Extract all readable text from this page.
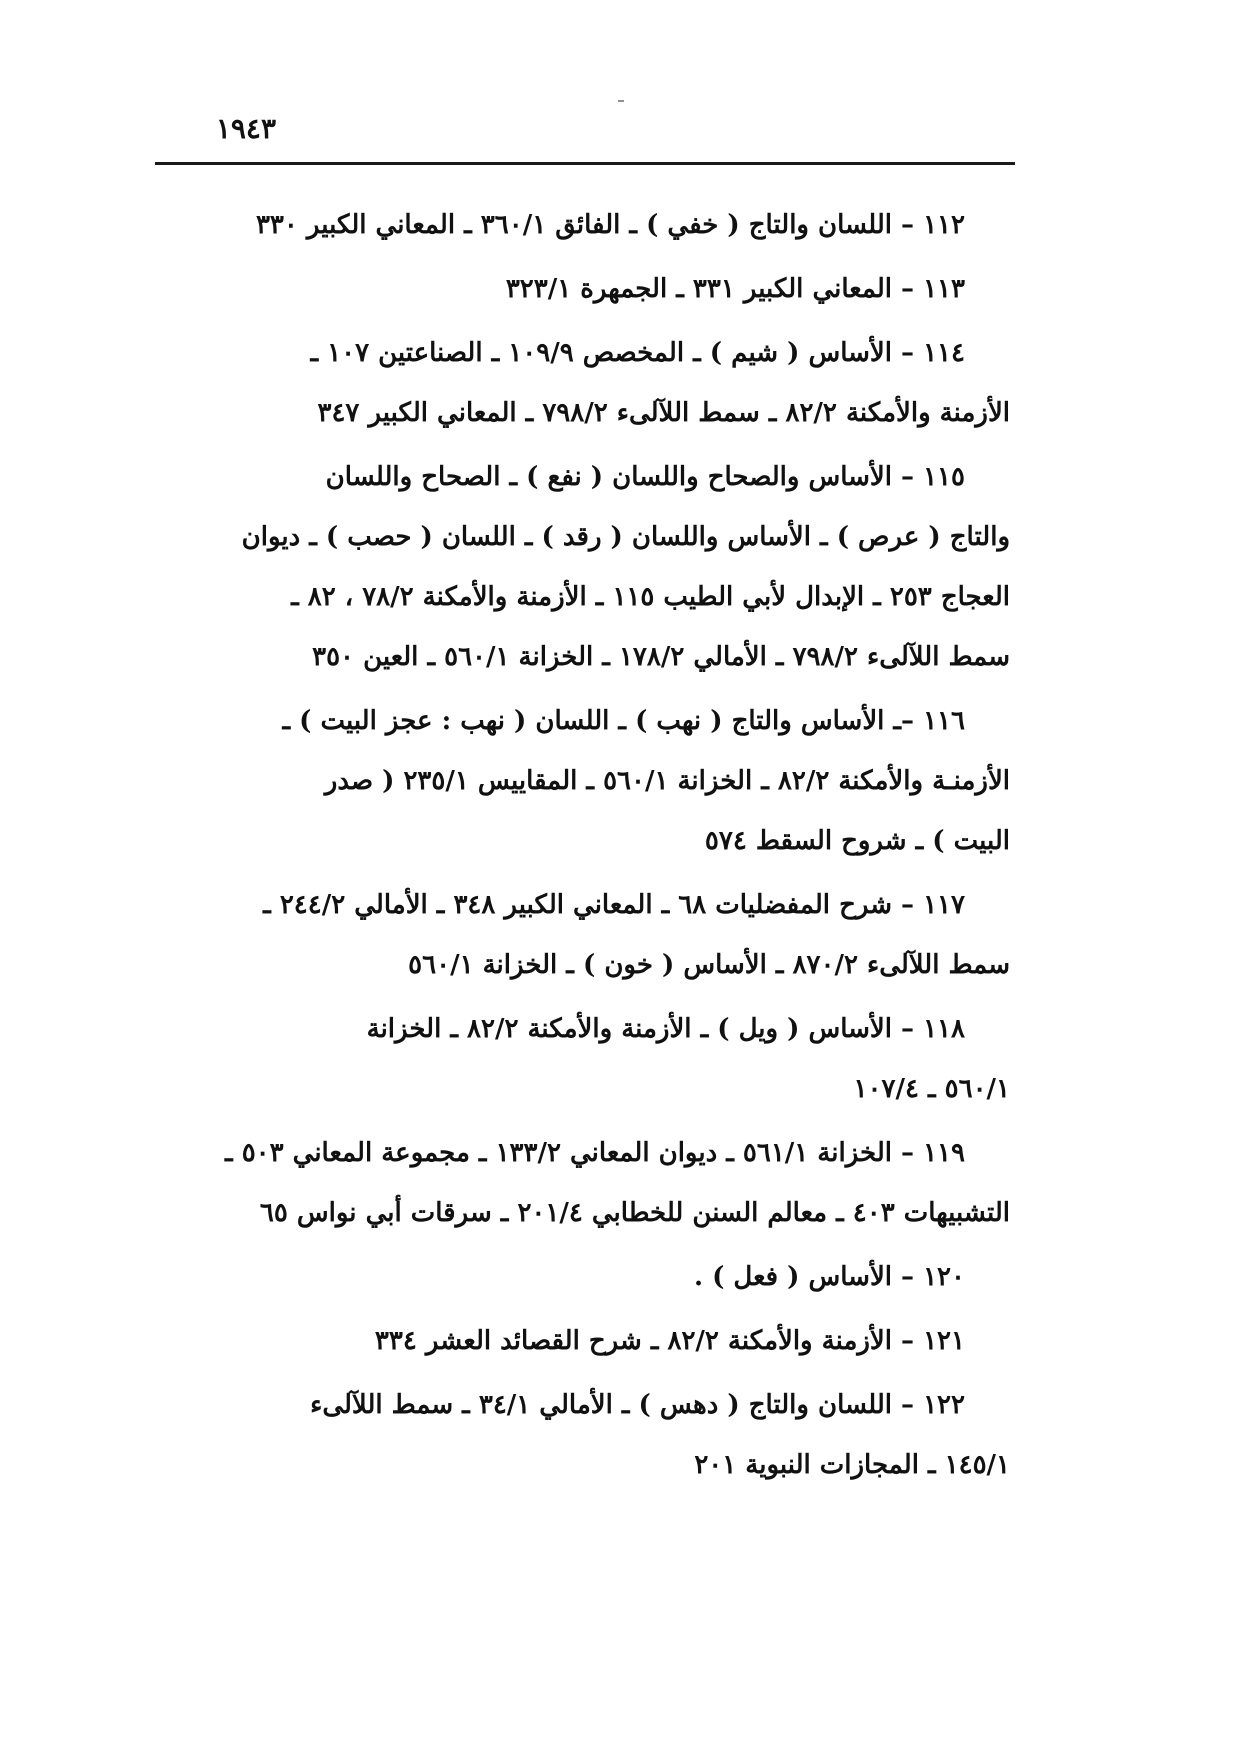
١٩٤٣
١١٢ – اللسان والتاج ( خفي ) ـ الفائق ٣٦٠/١ ـ المعاني الكبير ٣٣٠
١١٣ – المعاني الكبير ٣٣١ ـ الجمهرة ٣٢٣/١
١١٤ – الأساس ( شيم ) ـ المخصص ١٠٩/٩ ـ الصناعتين ١٠٧ ـ
الأزمنة والأمكنة ٨٢/٢ ـ سمط اللآلىء ٧٩٨/٢ ـ المعاني الكبير ٣٤٧
١١٥ – الأساس والصحاح واللسان ( نفع ) ـ الصحاح واللسان
والتاج ( عرص ) ـ الأساس واللسان ( رقد ) ـ اللسان ( حصب ) ـ ديوان
العجاج ٢٥٣ ـ الإبدال لأبي الطيب ١١٥ ـ الأزمنة والأمكنة ٧٨/٢ ، ٨٢ ـ
سمط اللآلىء ٧٩٨/٢ ـ الأمالي ١٧٨/٢ ـ الخزانة ٥٦٠/١ ـ العين ٣٥٠
١١٦ –ـ الأساس والتاج ( نهب ) ـ اللسان ( نهب : عجز البيت ) ـ
الأزمنـة والأمكنة ٨٢/٢ ـ الخزانة ٥٦٠/١ ـ المقاييس ٢٣٥/١ ( صدر
البيت ) ـ شروح السقط ٥٧٤
١١٧ – شرح المفضليات ٦٨ ـ المعاني الكبير ٣٤٨ ـ الأمالي ٢٤٤/٢ ـ
سمط اللآلىء ٨٧٠/٢ ـ الأساس ( خون ) ـ الخزانة ٥٦٠/١
١١٨ – الأساس ( ويل ) ـ الأزمنة والأمكنة ٨٢/٢ ـ الخزانة
٥٦٠/١ ـ ١٠٧/٤
١١٩ – الخزانة ٥٦١/١ ـ ديوان المعاني ١٣٣/٢ ـ مجموعة المعاني ٥٠٣ ـ
التشبيهات ٤٠٣ ـ معالم السنن للخطابي ٢٠١/٤ ـ سرقات أبي نواس ٦٥
١٢٠ – الأساس ( فعل ) .
١٢١ – الأزمنة والأمكنة ٨٢/٢ ـ شرح القصائد العشر ٣٣٤
١٢٢ – اللسان والتاج ( دهس ) ـ الأمالي ٣٤/١ ـ سمط اللآلىء
١٤٥/١ ـ المجازات النبوية ٢٠١
